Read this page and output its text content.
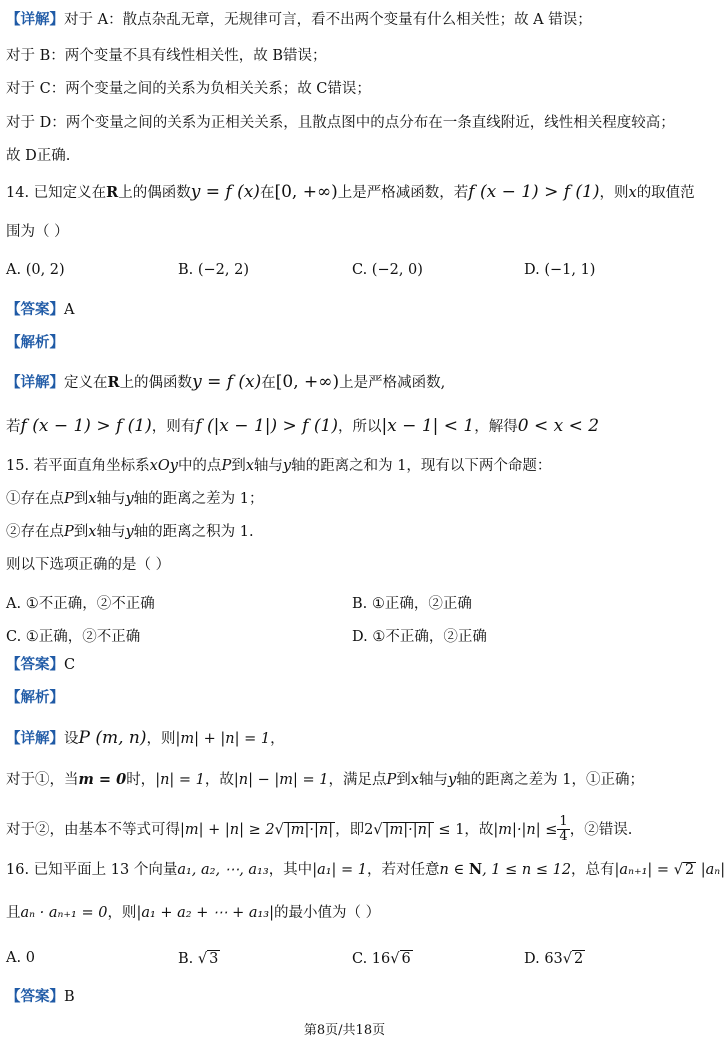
【详解】对于 A：散点杂乱无章，无规律可言，看不出两个变量有什么相关性；故 A 错误；
对于 B：两个变量不具有线性相关性，故 B错误；
对于 C：两个变量之间的关系为负相关关系；故 C错误；
对于 D：两个变量之间的关系为正相关关系，且散点图中的点分布在一条直线附近，线性相关程度较高；
故 D正确.
14. 已知定义在R上的偶函数y = f (x)在[0, +∞)上是严格减函数，若f (x − 1) > f (1)，则x的取值范
围为（ ）
A. (0, 2)	B. (−2, 2)	C. (−2, 0)	D. (−1, 1)
【答案】A
【解析】
【详解】定义在R上的偶函数y = f (x)在[0, +∞)上是严格减函数,
若f (x − 1) > f (1)，则有f (|x − 1|) > f (1)，所以|x − 1| < 1，解得0 < x < 2
15. 若平面直角坐标系xOy中的点P到x轴与y轴的距离之和为 1，现有以下两个命题：
①存在点P到x轴与y轴的距离之差为 1；
②存在点P到x轴与y轴的距离之积为 1.
则以下选项正确的是（ ）
A. ①不正确，②不正确	B. ①正确，②正确
C. ①正确，②不正确	D. ①不正确，②正确
【答案】C
【解析】
【详解】设P (m, n)，则|m| + |n| = 1，
对于①，当m = 0时，|n| = 1，故|n| − |m| = 1，满足点P到x轴与y轴的距离之差为 1，①正确；
对于②，由基本不等式可得|m| + |n| ≥ 2√ |m|·|n| ，即2√ |m|·|n| ≤ 1，故$|m|\cdot|n| \le \frac{1}{4}$ ，②错误.
16. 已知平面上 13 个向量a₁, a₂, ⋯, a₁₃，其中|a₁| = 1，若对任意n ∈ N, 1 ≤ n ≤ 12，总有|aₙ₊₁| = √ 2 |aₙ|
且aₙ · aₙ₊₁ = 0，则|a₁ + a₂ + ⋯ + a₁₃|的最小值为（ ）
A. 0	B. √ 3	C. 16√ 6	D. 63√ 2
【答案】B
第8页/共18页
